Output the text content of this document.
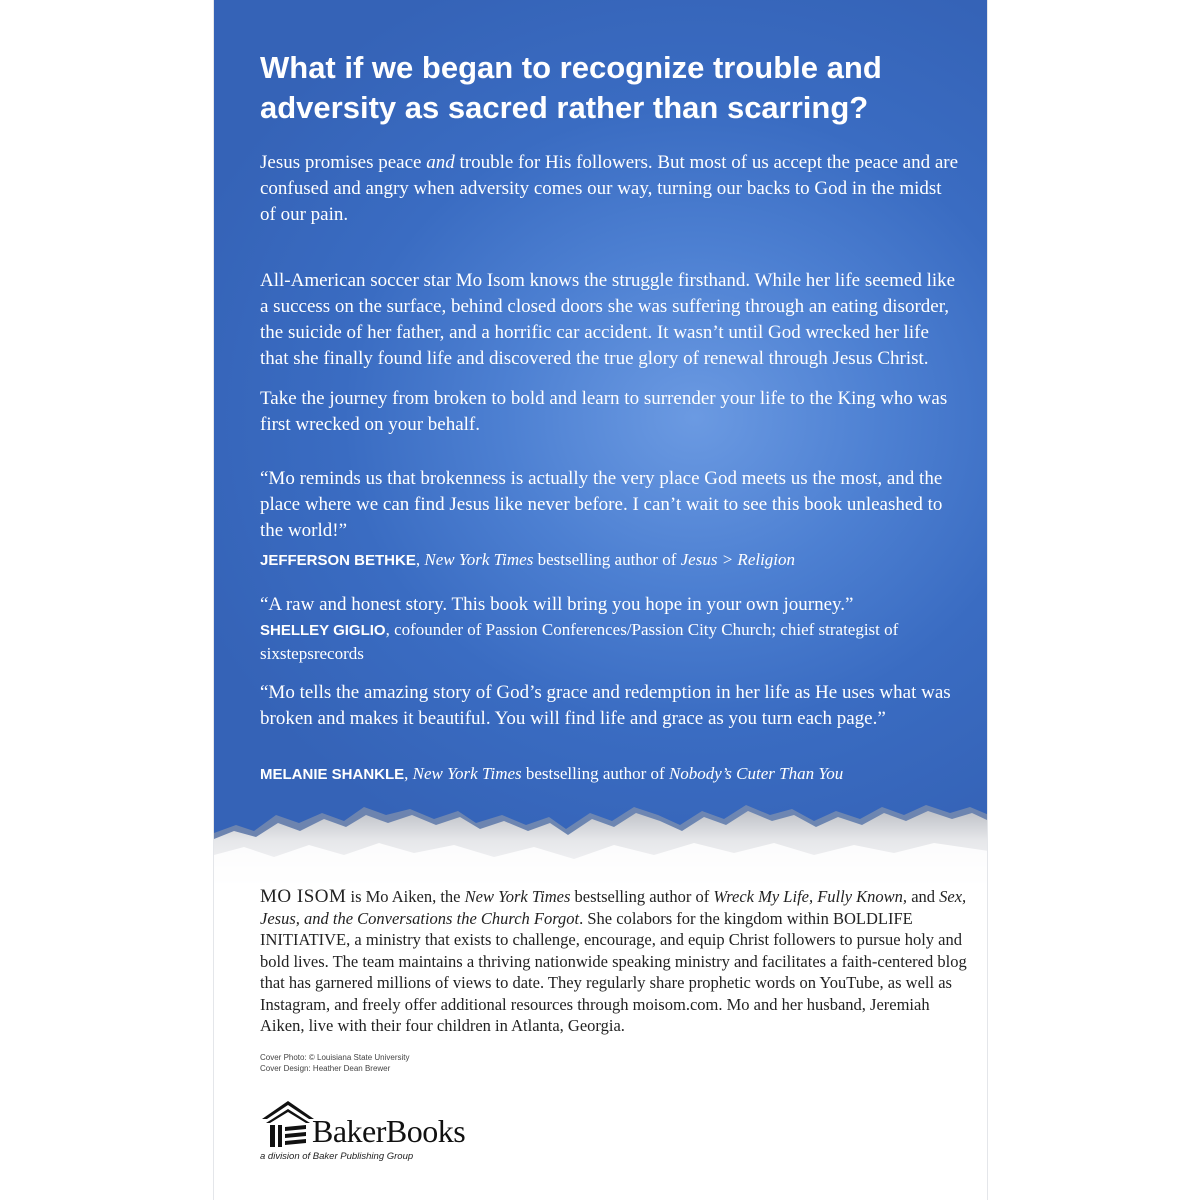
What if we began to recognize trouble and adversity as sacred rather than scarring?

Jesus promises peace and trouble for His followers. But most of us accept the peace and are confused and angry when adversity comes our way, turning our backs to God in the midst of our pain.

All-American soccer star Mo Isom knows the struggle firsthand. While her life seemed like a success on the surface, behind closed doors she was suffering through an eating disorder, the suicide of her father, and a horrific car accident. It wasn’t until God wrecked her life that she finally found life and discovered the true glory of renewal through Jesus Christ.

Take the journey from broken to bold and learn to surrender your life to the King who was first wrecked on your behalf.

“Mo reminds us that brokenness is actually the very place God meets us the most, and the place where we can find Jesus like never before. I can’t wait to see this book unleashed to the world!”

JEFFERSON BETHKE, New York Times bestselling author of Jesus > Religion

“A raw and honest story. This book will bring you hope in your own journey.”

SHELLEY GIGLIO, cofounder of Passion Conferences/Passion City Church; chief strategist of sixstepsrecords

“Mo tells the amazing story of God’s grace and redemption in her life as He uses what was broken and makes it beautiful. You will find life and grace as you turn each page.”

MELANIE SHANKLE, New York Times bestselling author of Nobody’s Cuter Than You

MO ISOM is Mo Aiken, the New York Times bestselling author of Wreck My Life, Fully Known, and Sex, Jesus, and the Conversations the Church Forgot. She colabors for the kingdom within BOLDLIFE INITIATIVE, a ministry that exists to challenge, encourage, and equip Christ followers to pursue holy and bold lives. The team maintains a thriving nationwide speaking ministry and facilitates a faith-centered blog that has garnered millions of views to date. They regularly share prophetic words on YouTube, as well as Instagram, and freely offer additional resources through moisom.com. Mo and her husband, Jeremiah Aiken, live with their four children in Atlanta, Georgia.

Cover Photo: © Louisiana State University
Cover Design: Heather Dean Brewer

BakerBooks

a division of Baker Publishing Group
